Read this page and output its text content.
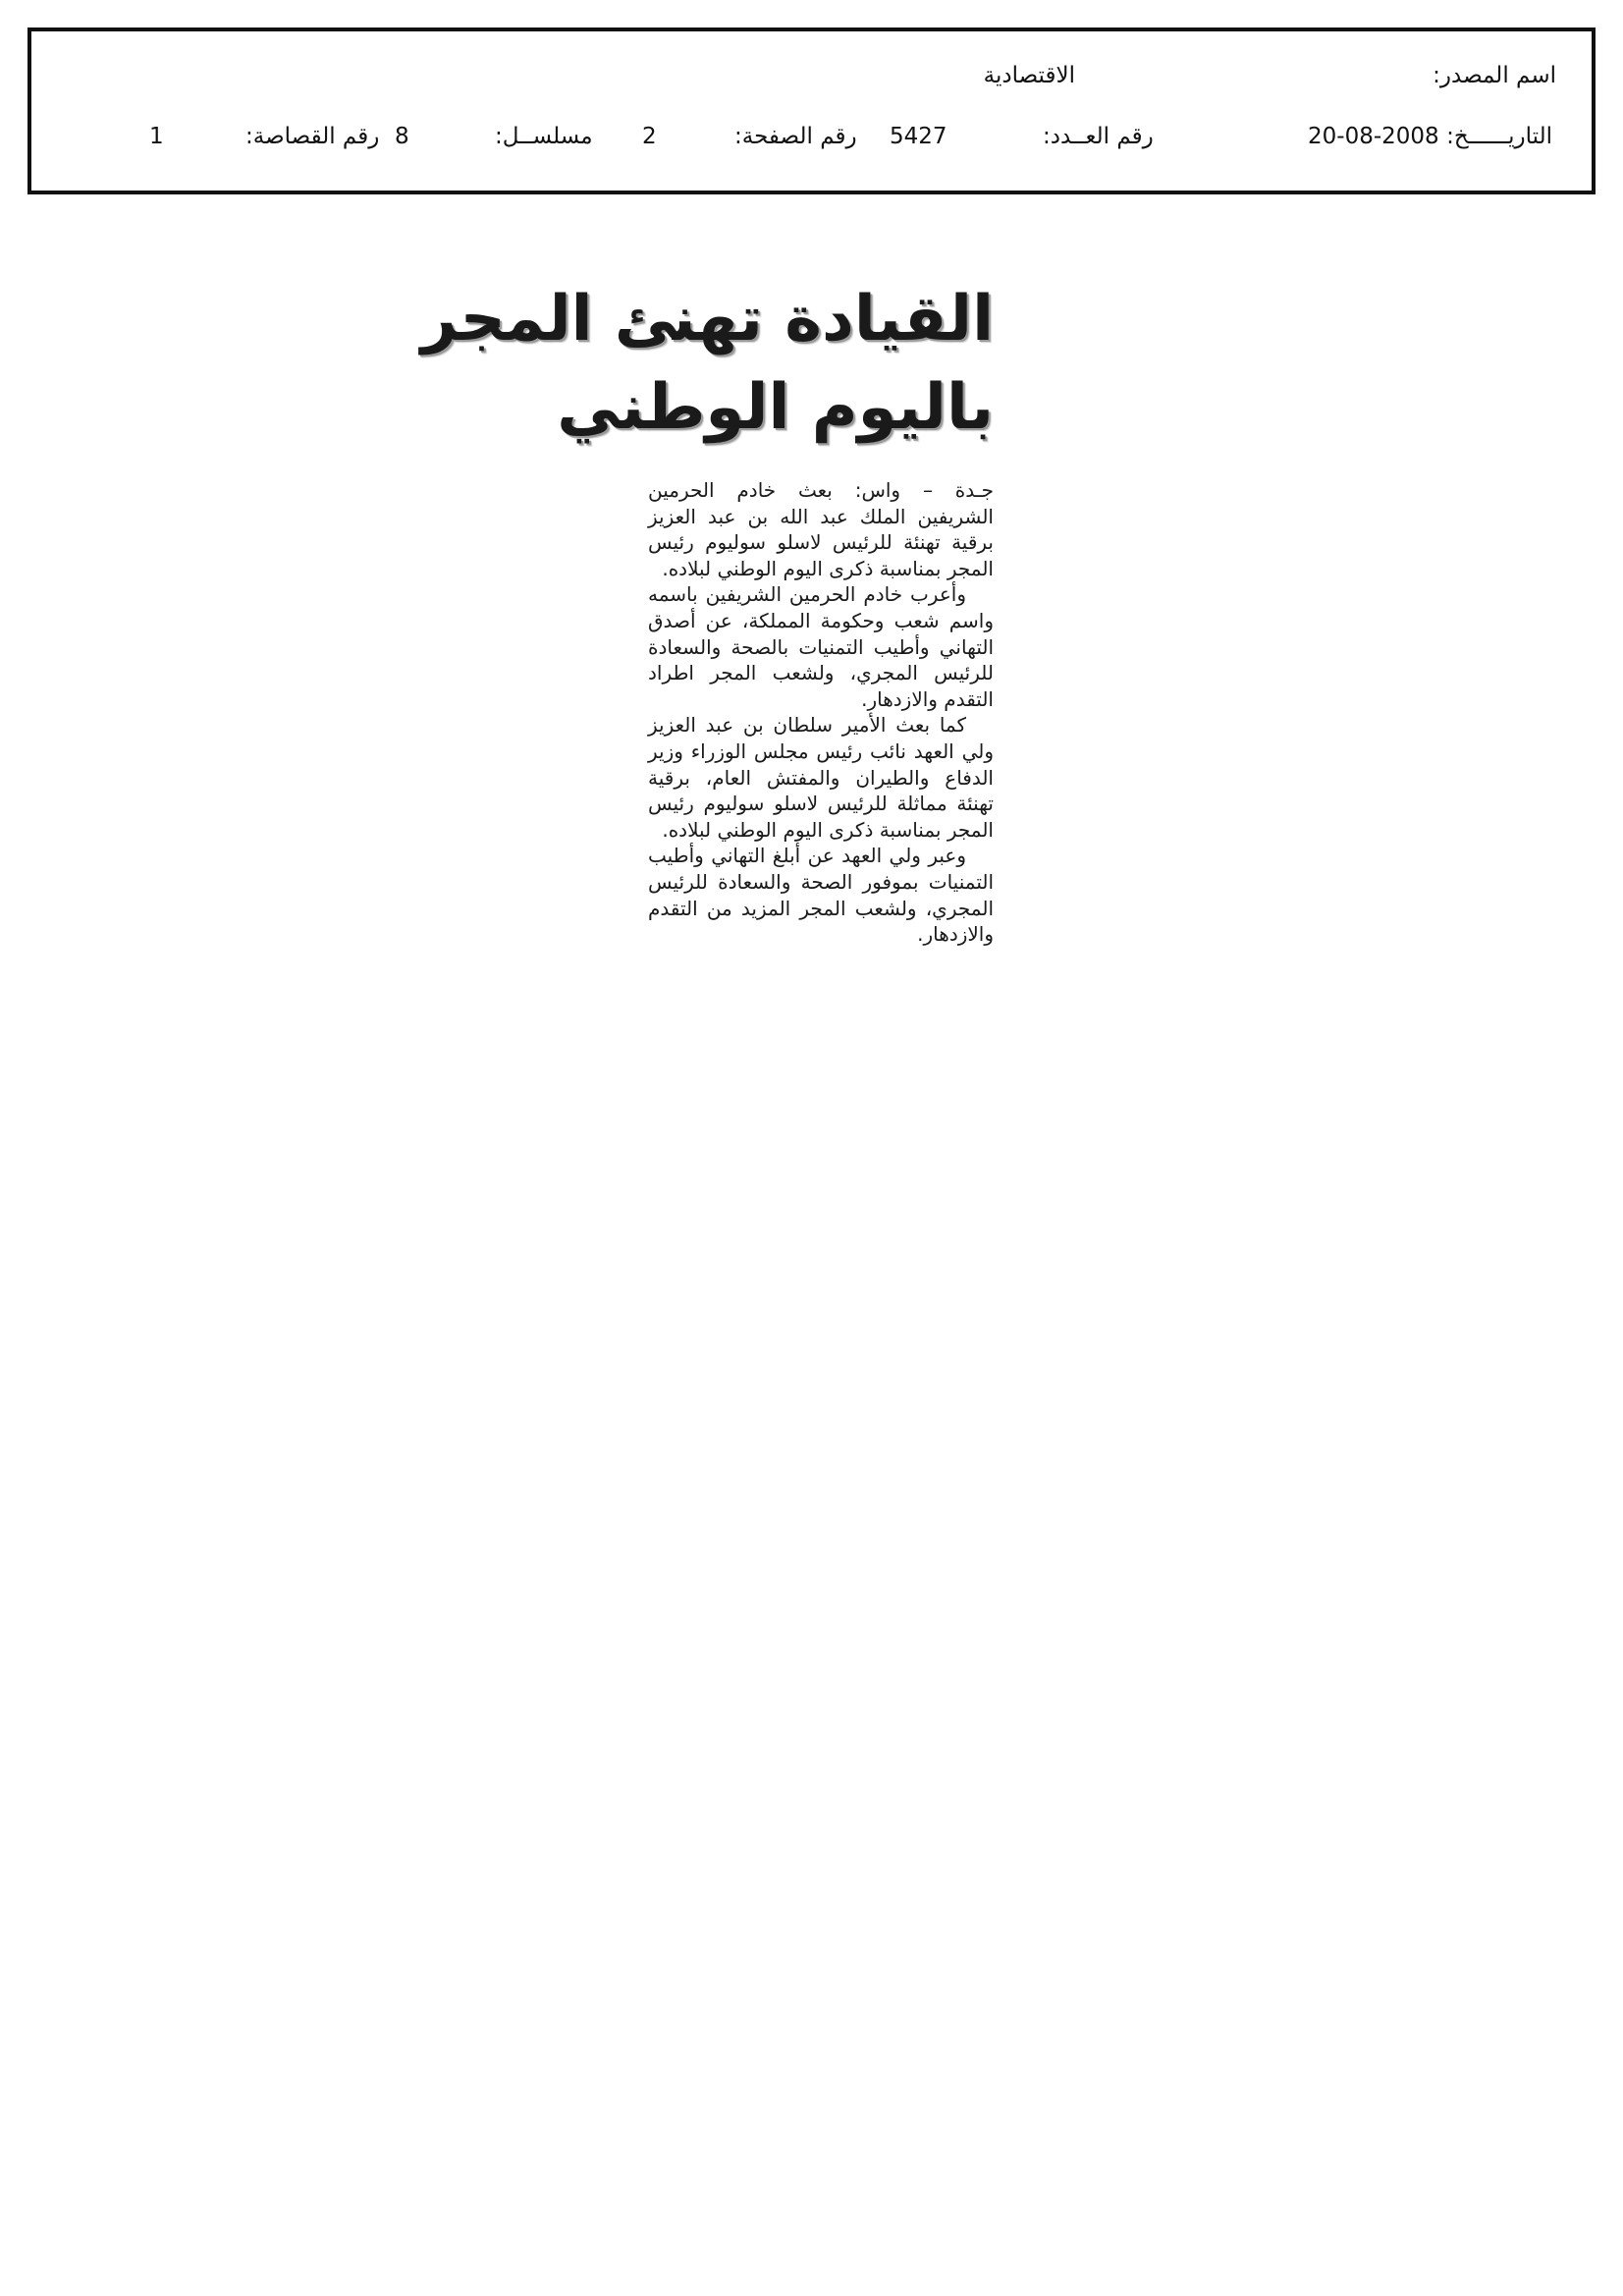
اسم المصدر:
الاقتصادية
التاريــــــخ:
20-08-2008
رقم العــدد:
5427
رقم الصفحة:
2
مسلســل:
8
رقم القصاصة:
1
القيادة تهنئ المجر
باليوم الوطني

جـدة – واس: بعث خادم الحرمين الشريفين الملك عبد الله بن عبد العزيز برقية تهنئة للرئيس لاسلو سوليوم رئيس المجر بمناسبة ذكرى اليوم الوطني لبلاده.

وأعرب خادم الحرمين الشريفين باسمه واسم شعب وحكومة المملكة، عن أصدق التهاني وأطيب التمنيات بالصحة والسعادة للرئيس المجري، ولشعب المجر اطراد التقدم والازدهار.

كما بعث الأمير سلطان بن عبد العزيز ولي العهد نائب رئيس مجلس الوزراء وزير الدفاع والطيران والمفتش العام، برقية تهنئة مماثلة للرئيس لاسلو سوليوم رئيس المجر بمناسبة ذكرى اليوم الوطني لبلاده.

وعبر ولي العهد عن أبلغ التهاني وأطيب التمنيات بموفور الصحة والسعادة للرئيس المجري، ولشعب المجر المزيد من التقدم والازدهار.
